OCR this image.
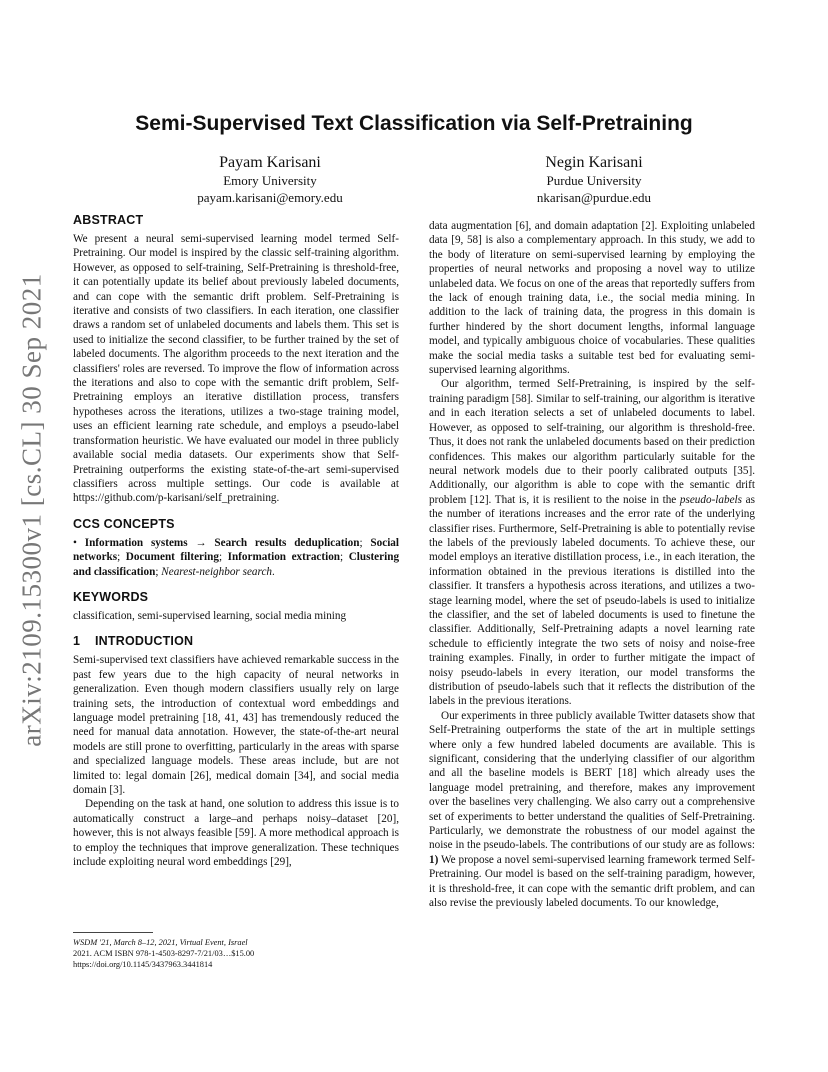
arXiv:2109.15300v1 [cs.CL] 30 Sep 2021
Semi-Supervised Text Classification via Self-Pretraining
Payam Karisani
Emory University
payam.karisani@emory.edu
Negin Karisani
Purdue University
nkarisan@purdue.edu
ABSTRACT

We present a neural semi-supervised learning model termed Self-Pretraining. Our model is inspired by the classic self-training algorithm. However, as opposed to self-training, Self-Pretraining is threshold-free, it can potentially update its belief about previously labeled documents, and can cope with the semantic drift problem. Self-Pretraining is iterative and consists of two classifiers. In each iteration, one classifier draws a random set of unlabeled documents and labels them. This set is used to initialize the second classifier, to be further trained by the set of labeled documents. The algorithm proceeds to the next iteration and the classifiers' roles are reversed. To improve the flow of information across the iterations and also to cope with the semantic drift problem, Self-Pretraining employs an iterative distillation process, transfers hypotheses across the iterations, utilizes a two-stage training model, uses an efficient learning rate schedule, and employs a pseudo-label transformation heuristic. We have evaluated our model in three publicly available social media datasets. Our experiments show that Self-Pretraining outperforms the existing state-of-the-art semi-supervised classifiers across multiple settings. Our code is available at https://github.com/p-karisani/self_pretraining.

CCS CONCEPTS

• Information systems → Search results deduplication; Social networks; Document filtering; Information extraction; Clustering and classification; Nearest-neighbor search.

KEYWORDS

classification, semi-supervised learning, social media mining

1 INTRODUCTION

Semi-supervised text classifiers have achieved remarkable success in the past few years due to the high capacity of neural networks in generalization. Even though modern classifiers usually rely on large training sets, the introduction of contextual word embeddings and language model pretraining [18, 41, 43] has tremendously reduced the need for manual data annotation. However, the state-of-the-art neural models are still prone to overfitting, particularly in the areas with sparse and specialized language models. These areas include, but are not limited to: legal domain [26], medical domain [34], and social media domain [3].

Depending on the task at hand, one solution to address this issue is to automatically construct a large–and perhaps noisy–dataset [20], however, this is not always feasible [59]. A more methodical approach is to employ the techniques that improve generalization. These techniques include exploiting neural word embeddings [29],

data augmentation [6], and domain adaptation [2]. Exploiting unlabeled data [9, 58] is also a complementary approach. In this study, we add to the body of literature on semi-supervised learning by employing the properties of neural networks and proposing a novel way to utilize unlabeled data. We focus on one of the areas that reportedly suffers from the lack of enough training data, i.e., the social media mining. In addition to the lack of training data, the progress in this domain is further hindered by the short document lengths, informal language model, and typically ambiguous choice of vocabularies. These qualities make the social media tasks a suitable test bed for evaluating semi-supervised learning algorithms.

Our algorithm, termed Self-Pretraining, is inspired by the self-training paradigm [58]. Similar to self-training, our algorithm is iterative and in each iteration selects a set of unlabeled documents to label. However, as opposed to self-training, our algorithm is threshold-free. Thus, it does not rank the unlabeled documents based on their prediction confidences. This makes our algorithm particularly suitable for the neural network models due to their poorly calibrated outputs [35]. Additionally, our algorithm is able to cope with the semantic drift problem [12]. That is, it is resilient to the noise in the pseudo-labels as the number of iterations increases and the error rate of the underlying classifier rises. Furthermore, Self-Pretraining is able to potentially revise the labels of the previously labeled documents. To achieve these, our model employs an iterative distillation process, i.e., in each iteration, the information obtained in the previous iterations is distilled into the classifier. It transfers a hypothesis across iterations, and utilizes a two-stage learning model, where the set of pseudo-labels is used to initialize the classifier, and the set of labeled documents is used to finetune the classifier. Additionally, Self-Pretraining adapts a novel learning rate schedule to efficiently integrate the two sets of noisy and noise-free training examples. Finally, in order to further mitigate the impact of noisy pseudo-labels in every iteration, our model transforms the distribution of pseudo-labels such that it reflects the distribution of the labels in the previous iterations.

Our experiments in three publicly available Twitter datasets show that Self-Pretraining outperforms the state of the art in multiple settings where only a few hundred labeled documents are available. This is significant, considering that the underlying classifier of our algorithm and all the baseline models is BERT [18] which already uses the language model pretraining, and therefore, makes any improvement over the baselines very challenging. We also carry out a comprehensive set of experiments to better understand the qualities of Self-Pretraining. Particularly, we demonstrate the robustness of our model against the noise in the pseudo-labels. The contributions of our study are as follows: 1) We propose a novel semi-supervised learning framework termed Self-Pretraining. Our model is based on the self-training paradigm, however, it is threshold-free, it can cope with the semantic drift problem, and can also revise the previously labeled documents. To our knowledge,

WSDM '21, March 8–12, 2021, Virtual Event, Israel
2021. ACM ISBN 978-1-4503-8297-7/21/03…$15.00
https://doi.org/10.1145/3437963.3441814
